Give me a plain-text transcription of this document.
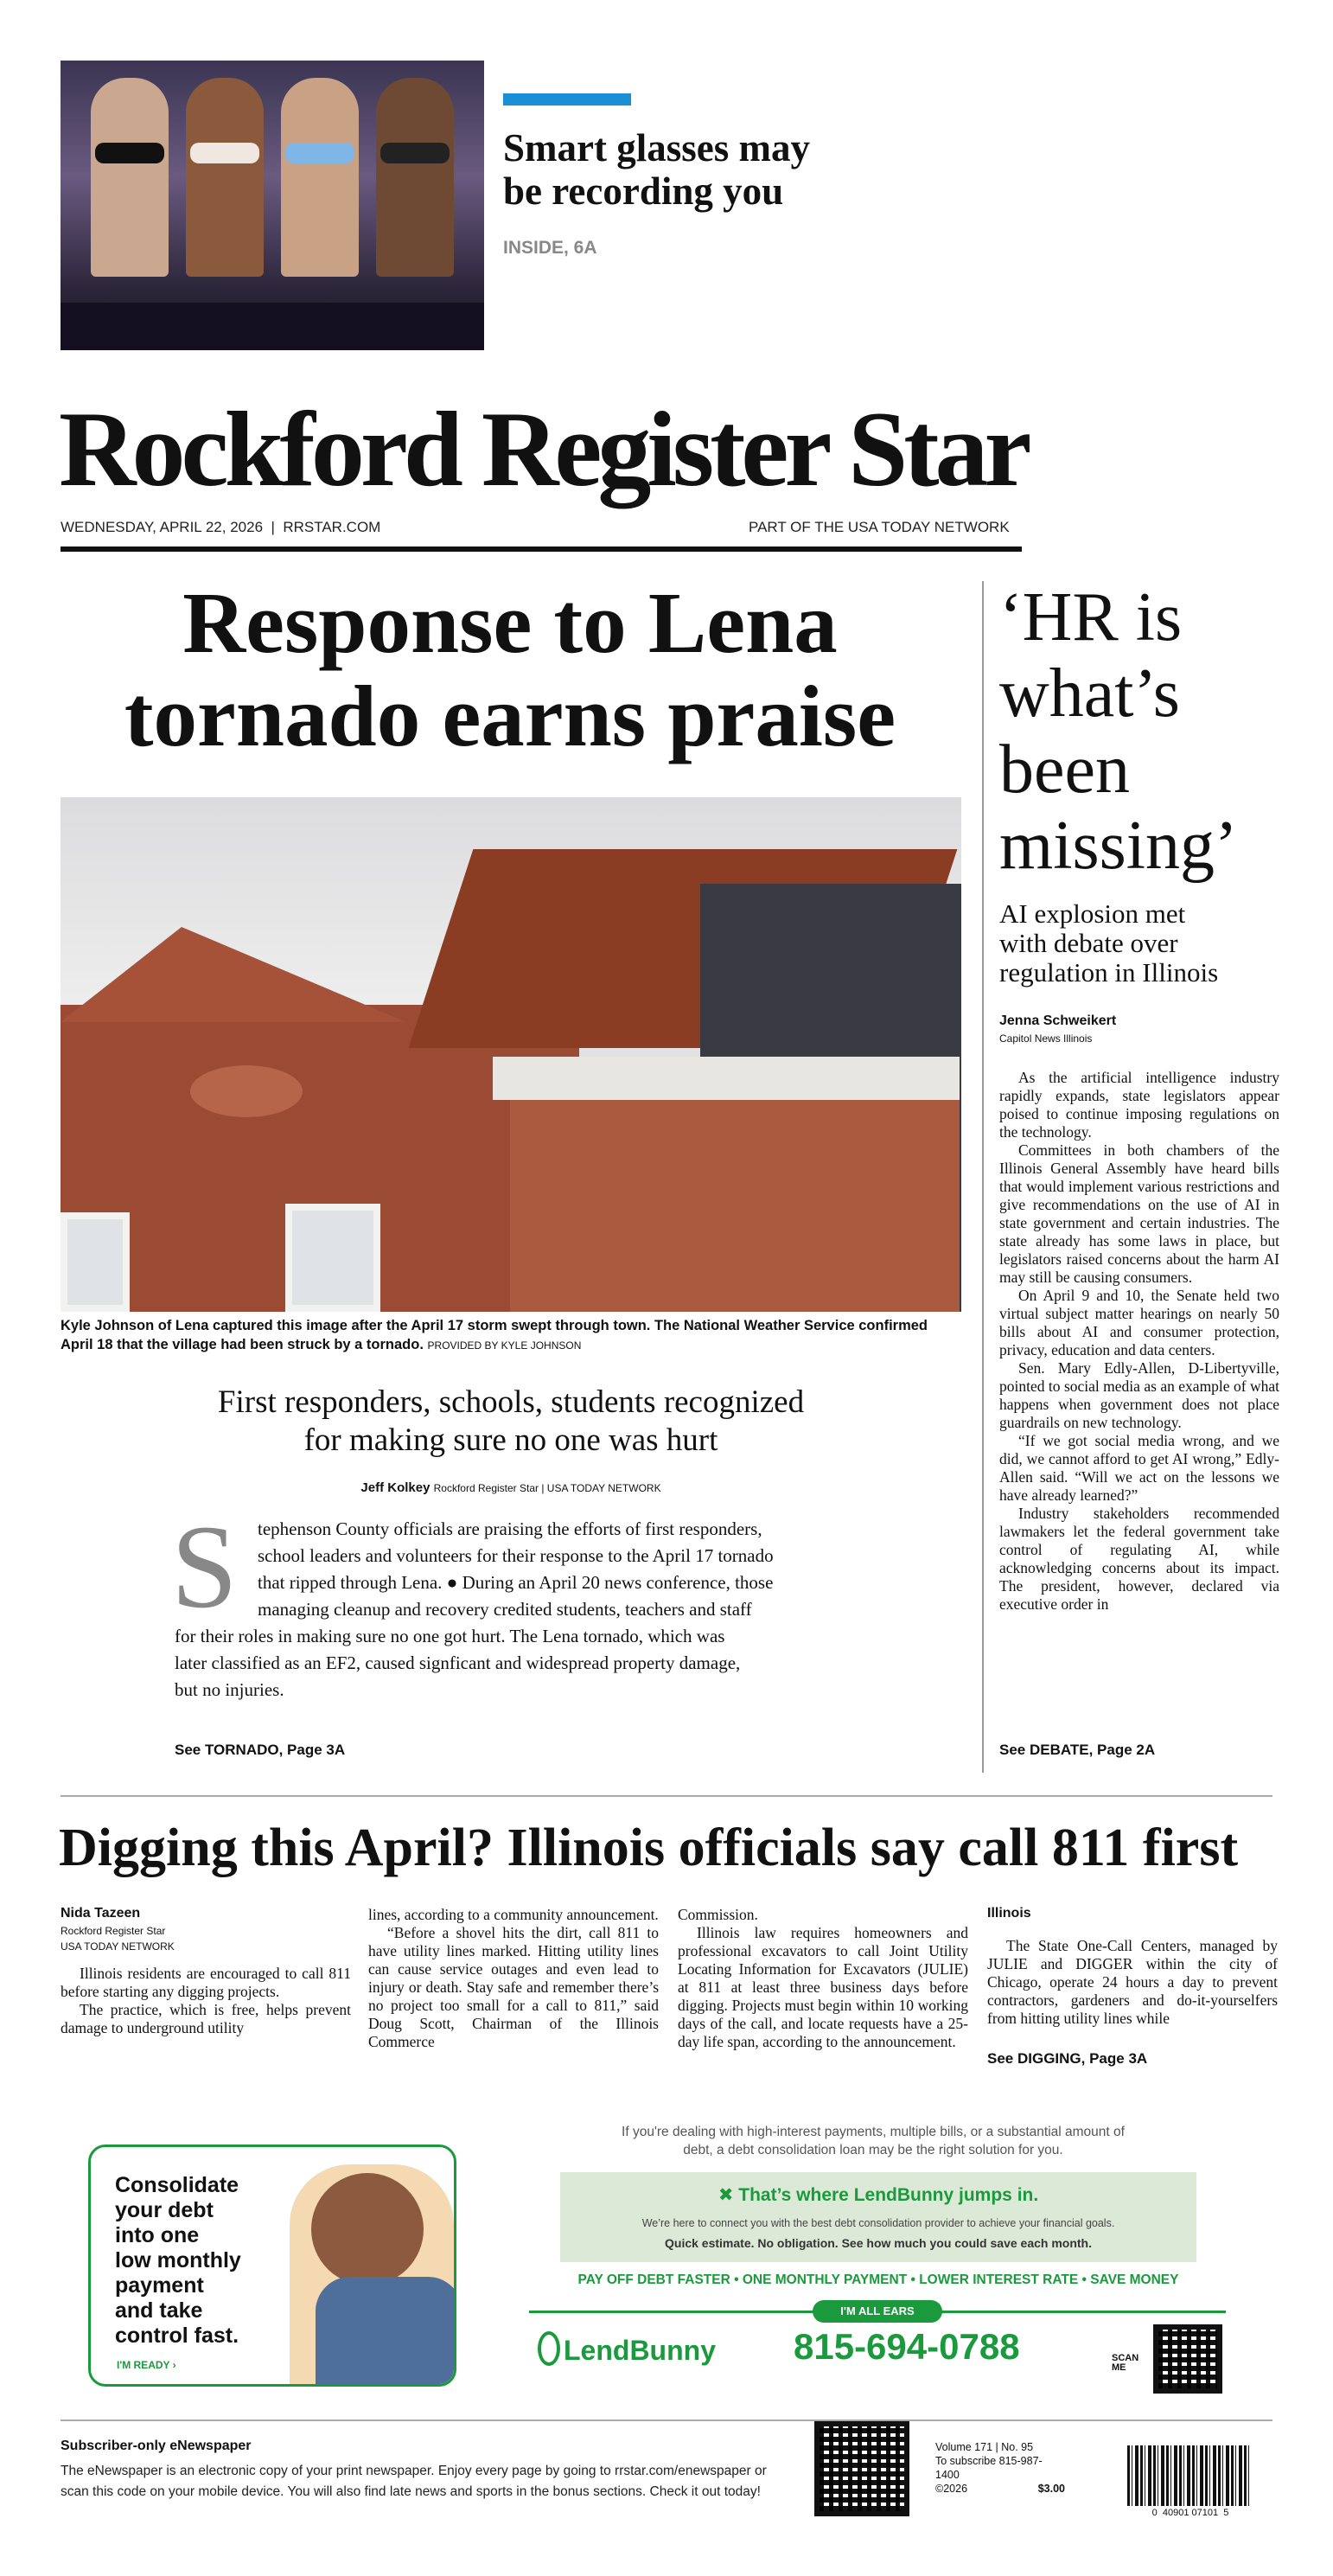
Smart glasses may
be recording you
INSIDE, 6A
Rockford Register Star
WEDNESDAY, APRIL 22, 2026  |  RRSTAR.COM	PART OF THE USA TODAY NETWORK
Response to Lena
tornado earns praise
Kyle Johnson of Lena captured this image after the April 17 storm swept through town. The National Weather Service confirmed April 18 that the village had been struck by a tornado. PROVIDED BY KYLE JOHNSON
First responders, schools, students recognized
for making sure no one was hurt
Jeff Kolkey Rockford Register Star | USA TODAY NETWORK
S	tephenson County officials are praising the efforts of first responders,
school leaders and volunteers for their response to the April 17 tornado
that ripped through Lena. ● During an April 20 news conference, those
managing cleanup and recovery credited students, teachers and staff
for their roles in making sure no one got hurt. The Lena tornado, which was
later classified as an EF2, caused signficant and widespread property damage,
but no injuries.
See TORNADO, Page 3A
‘HR is
what’s
been
missing’
AI explosion met
with debate over
regulation in Illinois
Jenna Schweikert
Capitol News Illinois

As the artificial intelligence industry rapidly expands, state legislators appear poised to continue imposing regulations on the technology.

Committees in both chambers of the Illinois General Assembly have heard bills that would implement various restrictions and give recommendations on the use of AI in state government and certain industries. The state already has some laws in place, but legislators raised concerns about the harm AI may still be causing consumers.

On April 9 and 10, the Senate held two virtual subject matter hearings on nearly 50 bills about AI and consumer protection, privacy, education and data centers.

Sen. Mary Edly-Allen, D-Libertyville, pointed to social media as an example of what happens when government does not place guardrails on new technology.

“If we got social media wrong, and we did, we cannot afford to get AI wrong,” Edly-Allen said. “Will we act on the lessons we have already learned?”

Industry stakeholders recommended lawmakers let the federal government take control of regulating AI, while acknowledging concerns about its impact. The president, however, declared via executive order in

See DEBATE, Page 2A
Digging this April? Illinois officials say call 811 first
Nida Tazeen
Rockford Register Star
USA TODAY NETWORK

Illinois residents are encouraged to call 811 before starting any digging projects.

The practice, which is free, helps prevent damage to underground utility

lines, according to a community announcement.

“Before a shovel hits the dirt, call 811 to have utility lines marked. Hitting utility lines can cause service outages and even lead to injury or death. Stay safe and remember there’s no project too small for a call to 811,” said Doug Scott, Chairman of the Illinois Commerce

Commission.

Illinois law requires homeowners and professional excavators to call Joint Utility Locating Information for Excavators (JULIE) at 811 at least three business days before digging. Projects must begin within 10 working days of the call, and locate requests have a 25-day life span, according to the announcement.

Illinois

The State One-Call Centers, managed by JULIE and DIGGER within the city of Chicago, operate 24 hours a day to prevent contractors, gardeners and do-it-yourselfers from hitting utility lines while

See DIGGING, Page 3A
Consolidate
your debt
into one
low monthly
payment
and take
control fast.
I'M READY ›
If you're dealing with high-interest payments, multiple bills, or a substantial amount of debt, a debt consolidation loan may be the right solution for you.
✖︎ That’s where LendBunny jumps in.
We’re here to connect you with the best debt consolidation provider to achieve your financial goals.
Quick estimate. No obligation. See how much you could save each month.
PAY OFF DEBT FASTER • ONE MONTHLY PAYMENT • LOWER INTEREST RATE • SAVE MONEY
I'M ALL EARS
LendBunny 815-694-0788	SCAN ME
Subscriber-only eNewspaper
The eNewspaper is an electronic copy of your print newspaper. Enjoy every page by going to rrstar.com/enewspaper or scan this code on your mobile device. You will also find late news and sports in the bonus sections. Check it out today!
Volume 171 | No. 95
To subscribe 815-987-1400
©2026	$3.00
0  40901 07101  5
